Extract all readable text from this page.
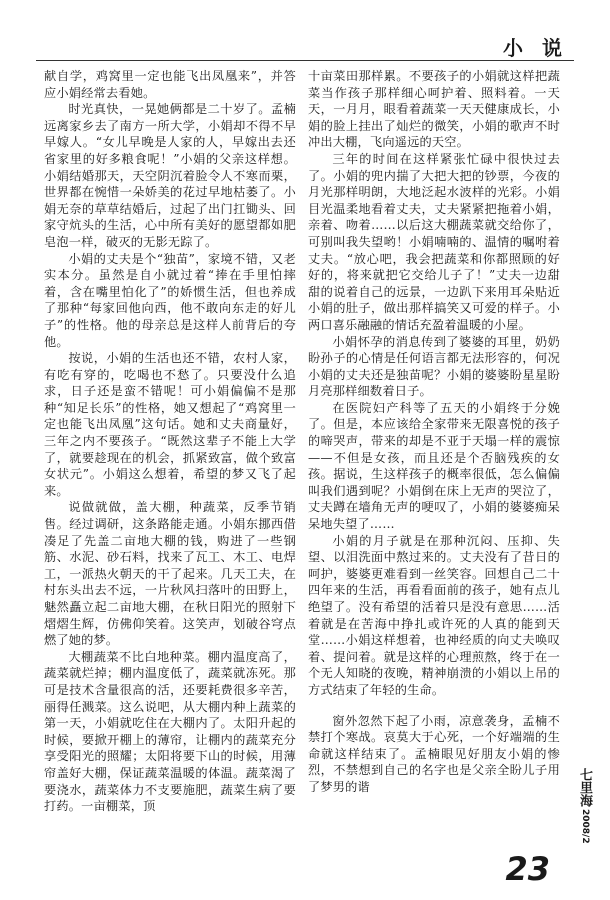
小 说

献自学，鸡窝里一定也能飞出凤凰来”，并答应小娟经常去看她。

时光真快，一晃她俩都是二十岁了。孟楠远离家乡去了南方一所大学，小娟却不得不早早嫁人。“女儿早晚是人家的人，早嫁出去还省家里的好多粮食呢！”小娟的父亲这样想。小娟结婚那天，天空阴沉着脸令人不寒而栗，世界都在惋惜一朵娇美的花过早地枯萎了。小娟无奈的草草结婚后，过起了出门扛锄头、回家守炕头的生活，心中所有美好的愿望都如肥皂泡一样，破灭的无影无踪了。

小娟的丈夫是个“独苗”，家境不错，又老实本分。虽然是自小就过着“捧在手里怕摔着，含在嘴里怕化了”的娇惯生活，但也养成了那种“每家回他向西，他不敢向东走的好儿子”的性格。他的母亲总是这样人前背后的夸他。

按说，小娟的生活也还不错，农村人家，有吃有穿的，吃喝也不愁了。只要没什么追求，日子还是蛮不错呢！可小娟偏偏不是那种“知足长乐”的性格，她又想起了“鸡窝里一定也能飞出凤凰”这句话。她和丈夫商量好，三年之内不要孩子。“既然这辈子不能上大学了，就要趁现在的机会，抓紧致富，做个致富女状元”。小娟这么想着，希望的梦又飞了起来。

说做就做，盖大棚，种蔬菜，反季节销售。经过调研，这条路能走通。小娟东挪西借凑足了先盖二亩地大棚的钱，购进了一些钢筋、水泥、砂石料，找来了瓦工、木工、电焊工，一派热火朝天的干了起来。几天工夫，在村东头出去不远，一片秋风扫落叶的田野上，魅然矗立起二亩地大棚，在秋日阳光的照射下熠熠生辉，仿佛仰笑着。这笑声，划破谷穹点燃了她的梦。

大棚蔬菜不比白地种菜。棚内温度高了，蔬菜就烂掉；棚内温度低了，蔬菜就冻死。那可是技术含量很高的活，还要耗费很多辛苦，丽得任溅菜。这么说吧，从大棚内种上蔬菜的第一天，小娟就吃住在大棚内了。太阳升起的时候，要掀开棚上的薄帘，让棚内的蔬菜充分享受阳光的照耀；太阳将要下山的时候，用薄帘盖好大棚，保证蔬菜温暖的体温。蔬菜渴了要浇水，蔬菜体力不支要施肥，蔬菜生病了要打药。一亩棚菜，顶

十亩菜田那样累。不要孩子的小娟就这样把蔬菜当作孩子那样细心呵护着、照料着。一天天，一月月，眼看着蔬菜一天天健康成长，小娟的脸上挂出了灿烂的微笑，小娟的歌声不时冲出大棚，飞向遥远的天空。

三年的时间在这样紧张忙碌中很快过去了。小娟的兜内揣了大把大把的钞票，今夜的月光那样明朗，大地泛起水波样的光彩。小娟目光温柔地看着丈夫，丈夫紧紧把拖着小娟，亲着、吻着……以后这大棚蔬菜就交给你了，可别叫我失望哟！小娟喃喃的、温情的嘱咐着丈夫。“放心吧，我会把蔬菜和你都照顾的好好的，将来就把它交给儿子了！”丈夫一边甜甜的说着自己的远景，一边趴下来用耳朵贴近小娟的肚子，做出那样搞笑又可爱的样子。小两口喜乐融融的情话充盈着温暖的小屋。

小娟怀孕的消息传到了婆婆的耳里，奶奶盼孙子的心情是任何语言都无法形容的，何况小娟的丈夫还是独苗呢？小娟的婆婆盼星星盼月亮那样细数着日子。

在医院妇产科等了五天的小娟终于分娩了。但是，本应该给全家带来无限喜悦的孩子的啼哭声，带来的却是不亚于天塌一样的震惊——不但是女孩，而且还是个否脑残疾的女孩。据说，生这样孩子的概率很低，怎么偏偏叫我们遇到呢？小娟倒在床上无声的哭泣了，丈夫蹲在墙角无声的哽叹了，小娟的婆婆痴呆呆地失望了……

小娟的月子就是在那种沉闷、压抑、失望、以泪洗面中熬过来的。丈夫没有了昔日的呵护，婆婆更难看到一丝笑容。回想自己二十四年来的生活，再看看面前的孩子，她有点儿绝望了。没有希望的活着只是没有意思……活着就是在苦海中挣扎或许死的人真的能到天堂……小娟这样想着，也神经质的向丈夫唤叹着、提问着。就是这样的心理煎熬，终于在一个无人知晓的夜晚，精神崩溃的小娟以上吊的方式结束了年轻的生命。

窗外忽然下起了小雨，凉意袭身，孟楠不禁打个寒战。哀莫大于心死，一个好端端的生命就这样结束了。孟楠眼见好朋友小娟的惨烈，不禁想到自己的名字也是父亲全盼儿子用了梦男的谐	七里海
2008/2
23
